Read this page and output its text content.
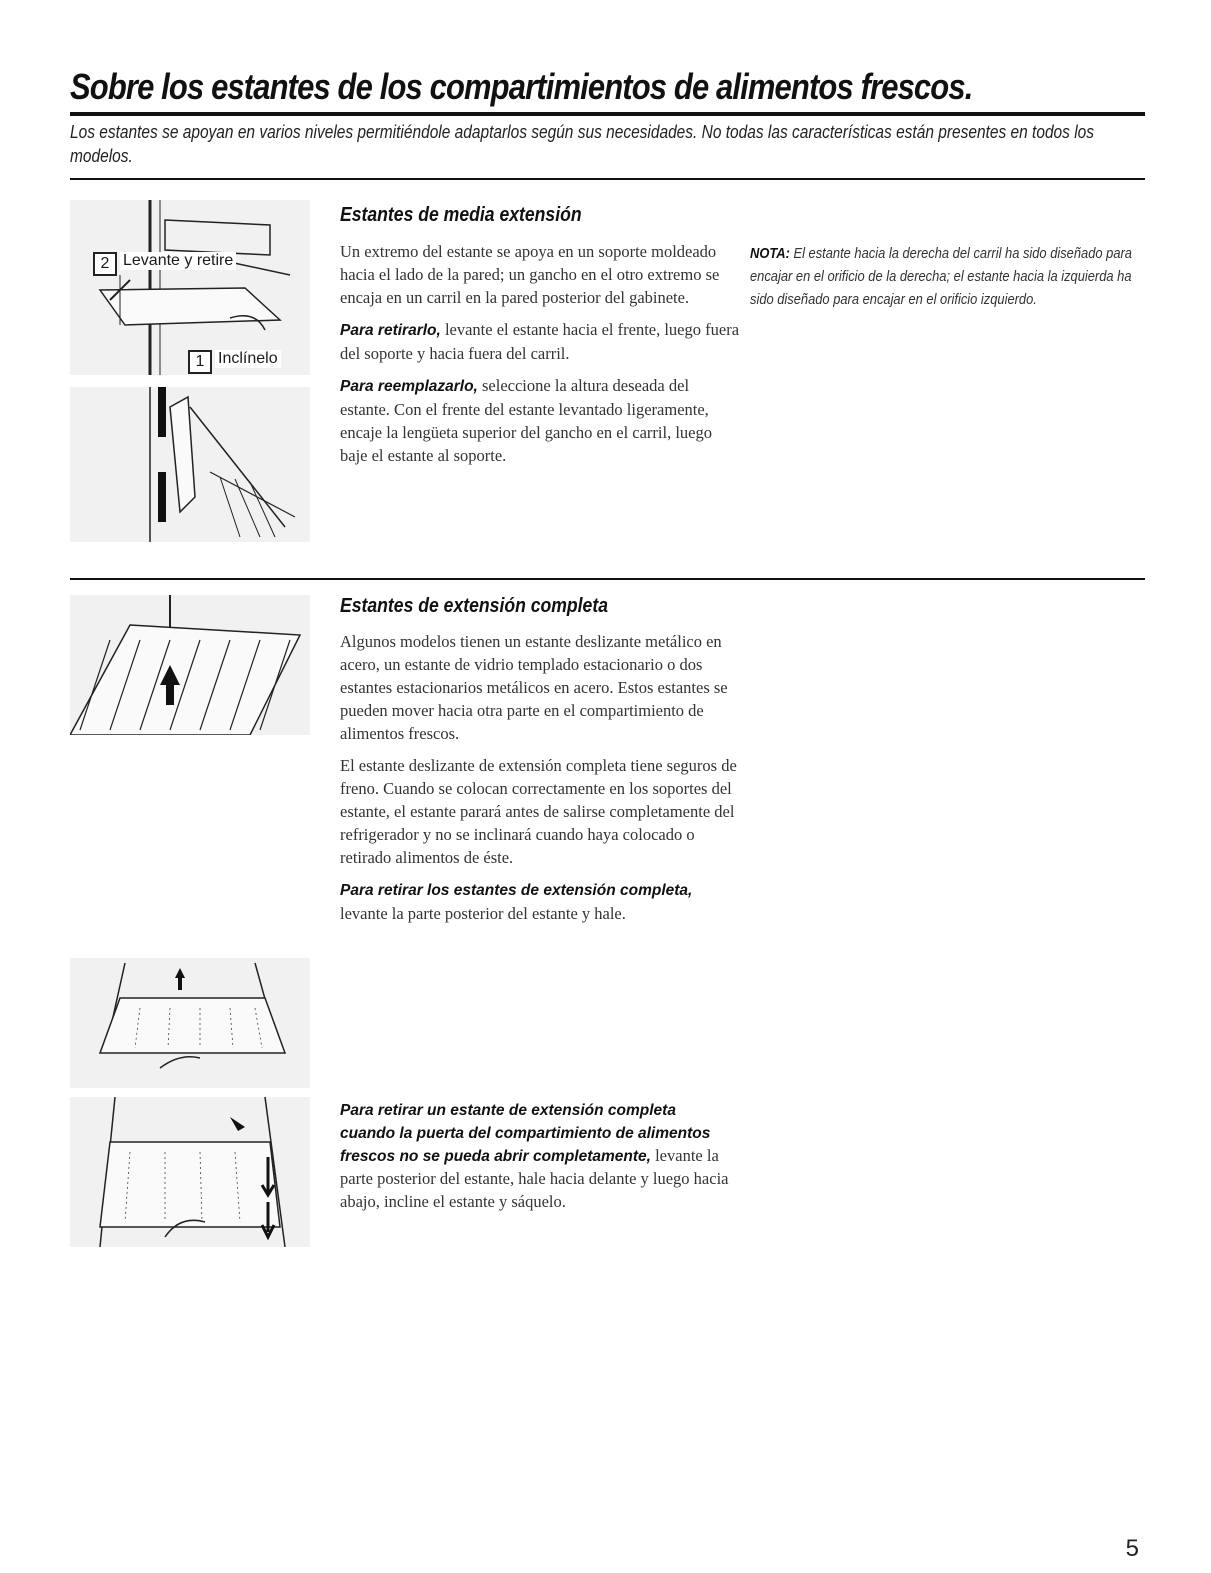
Sobre los estantes de los compartimientos de alimentos frescos.
Los estantes se apoyan en varios niveles permitiéndole adaptarlos según sus necesidades. No todas las características están presentes en todos los modelos.
2 Levante y retire
1 Inclínelo
Estantes de media extensión

Un extremo del estante se apoya en un soporte moldeado hacia el lado de la pared; un gancho en el otro extremo se encaja en un carril en la pared posterior del gabinete.

Para retirarlo, levante el estante hacia el frente, luego fuera del soporte y hacia fuera del carril.

Para reemplazarlo, seleccione la altura deseada del estante. Con el frente del estante levantado ligeramente, encaje la lengüeta superior del gancho en el carril, luego baje el estante al soporte.

NOTA: El estante hacia la derecha del carril ha sido diseñado para encajar en el orificio de la derecha; el estante hacia la izquierda ha sido diseñado para encajar en el orificio izquierdo.
Estantes de extensión completa

Algunos modelos tienen un estante deslizante metálico en acero, un estante de vidrio templado estacionario o dos estantes estacionarios metálicos en acero. Estos estantes se pueden mover hacia otra parte en el compartimiento de alimentos frescos.

El estante deslizante de extensión completa tiene seguros de freno. Cuando se colocan correctamente en los soportes del estante, el estante parará antes de salirse completamente del refrigerador y no se inclinará cuando haya colocado o retirado alimentos de éste.

Para retirar los estantes de extensión completa,
levante la parte posterior del estante y hale.

Para retirar un estante de extensión completa cuando la puerta del compartimiento de alimentos frescos no se pueda abrir completamente, levante la parte posterior del estante, hale hacia delante y luego hacia abajo, incline el estante y sáquelo.

5
